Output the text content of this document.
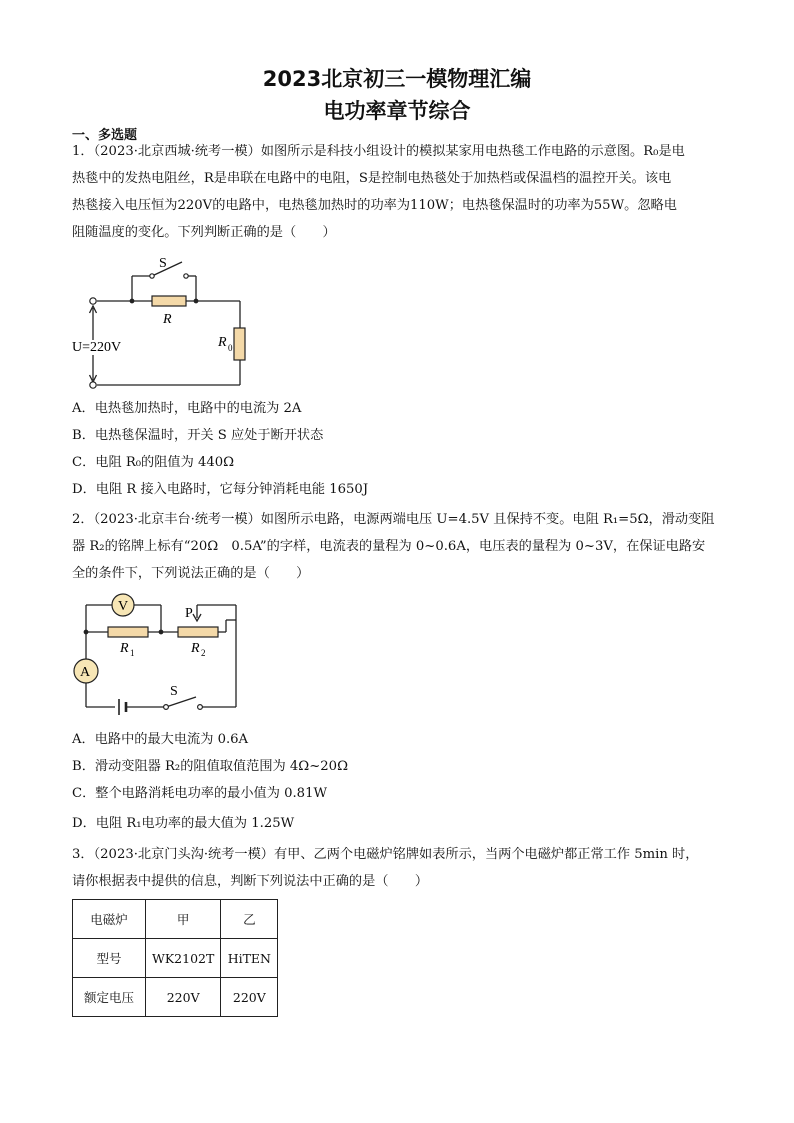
2023北京初三一模物理汇编
电功率章节综合
一、多选题
1．（2023·北京西城·统考一模）如图所示是科技小组设计的模拟某家用电热毯工作电路的示意图。R₀是电
热毯中的发热电阻丝，R是串联在电路中的电阻，S是控制电热毯处于加热档或保温档的温控开关。该电
热毯接入电压恒为220V的电路中，电热毯加热时的功率为110W；电热毯保温时的功率为55W。忽略电
阻随温度的变化。下列判断正确的是（　　）
S
R
R 0
U=220V
A．电热毯加热时，电路中的电流为 2A
B．电热毯保温时，开关 S 应处于断开状态
C．电阻 R₀的阻值为 440Ω
D．电阻 R 接入电路时，它每分钟消耗电能 1650J
2．（2023·北京丰台·统考一模）如图所示电路，电源两端电压 U=4.5V 且保持不变。电阻 R₁=5Ω，滑动变阻
器 R₂的铭牌上标有“20Ω　0.5A”的字样，电流表的量程为 0~0.6A，电压表的量程为 0~3V，在保证电路安
全的条件下，下列说法正确的是（　　）
V
A
P
R 1	R 2
S
A．电路中的最大电流为 0.6A
B．滑动变阻器 R₂的阻值取值范围为 4Ω~20Ω
C．整个电路消耗电功率的最小值为 0.81W
D．电阻 R₁电功率的最大值为 1.25W
3．（2023·北京门头沟·统考一模）有甲、乙两个电磁炉铭牌如表所示，当两个电磁炉都正常工作 5min 时，
请你根据表中提供的信息，判断下列说法中正确的是（　　）
电磁炉	甲	乙
型号	WK2102T	HiTEN
额定电压	220V	220V
